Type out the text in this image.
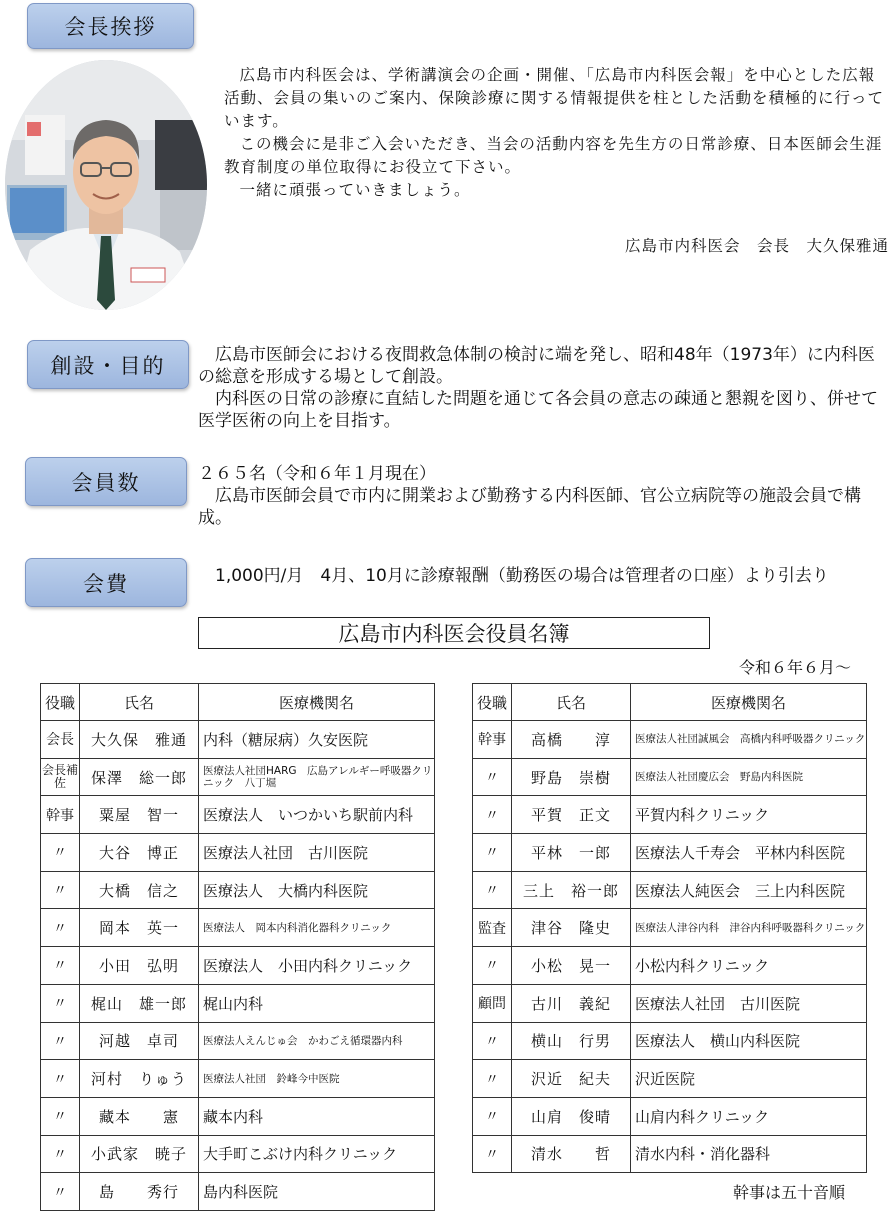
会長挨拶

広島市内科医会は、学術講演会の企画・開催、「広島市内科医会報」を中心とした広報活動、会員の集いのご案内、保険診療に関する情報提供を柱とした活動を積極的に行っています。

この機会に是非ご入会いただき、当会の活動内容を先生方の日常診療、日本医師会生涯教育制度の単位取得にお役立て下さい。

一緒に頑張っていきましょう。

広島市内科医会　会長　大久保雅通
創設・目的	広島市医師会における夜間救急体制の検討に端を発し、昭和48年（1973年）に内科医の総意を形成する場として創設。

内科医の日常の診療に直結した問題を通じて各会員の意志の疎通と懇親を図り、併せて医学医術の向上を目指す。

会員数	２６５名（令和６年１月現在）

広島市医師会員で市内に開業および勤務する内科医師、官公立病院等の施設会員で構成。

会費	1,000円/月　4月、10月に診療報酬（勤務医の場合は管理者の口座）より引去り

広島市内科医会役員名簿
令和６年６月～
役職	氏名	医療機関名
会長	大久保　雅通	内科（糖尿病）久安医院
会長補佐	保澤　総一郎	医療法人社団HARG　広島アレルギー呼吸器クリニック　八丁堀
幹事	粟屋　智一	医療法人　いつかいち駅前内科
〃	大谷　博正	医療法人社団　古川医院
〃	大橋　信之	医療法人　大橋内科医院
〃	岡本　英一	医療法人　岡本内科消化器科クリニック
〃	小田　弘明	医療法人　小田内科クリニック
〃	梶山　雄一郎	梶山内科
〃	河越　卓司	医療法人えんじゅ会　かわごえ循環器内科
〃	河村　りゅう	医療法人社団　鈴峰今中医院
〃	藏本　　憲	藏本内科
〃	小武家　暁子	大手町こぶけ内科クリニック
〃	島　　秀行	島内科医院
役職	氏名	医療機関名
幹事	高橋　　淳	医療法人社団誠風会　高橋内科呼吸器クリニック
〃	野島　崇樹	医療法人社団慶広会　野島内科医院
〃	平賀　正文	平賀内科クリニック
〃	平林　一郎	医療法人千寿会　平林内科医院
〃	三上　裕一郎	医療法人純医会　三上内科医院
監査	津谷　隆史	医療法人津谷内科　津谷内科呼吸器科クリニック
〃	小松　晃一	小松内科クリニック
顧問	古川　義紀	医療法人社団　古川医院
〃	横山　行男	医療法人　横山内科医院
〃	沢近　紀夫	沢近医院
〃	山肩　俊晴	山肩内科クリニック
〃	清水　　哲	清水内科・消化器科
幹事は五十音順
